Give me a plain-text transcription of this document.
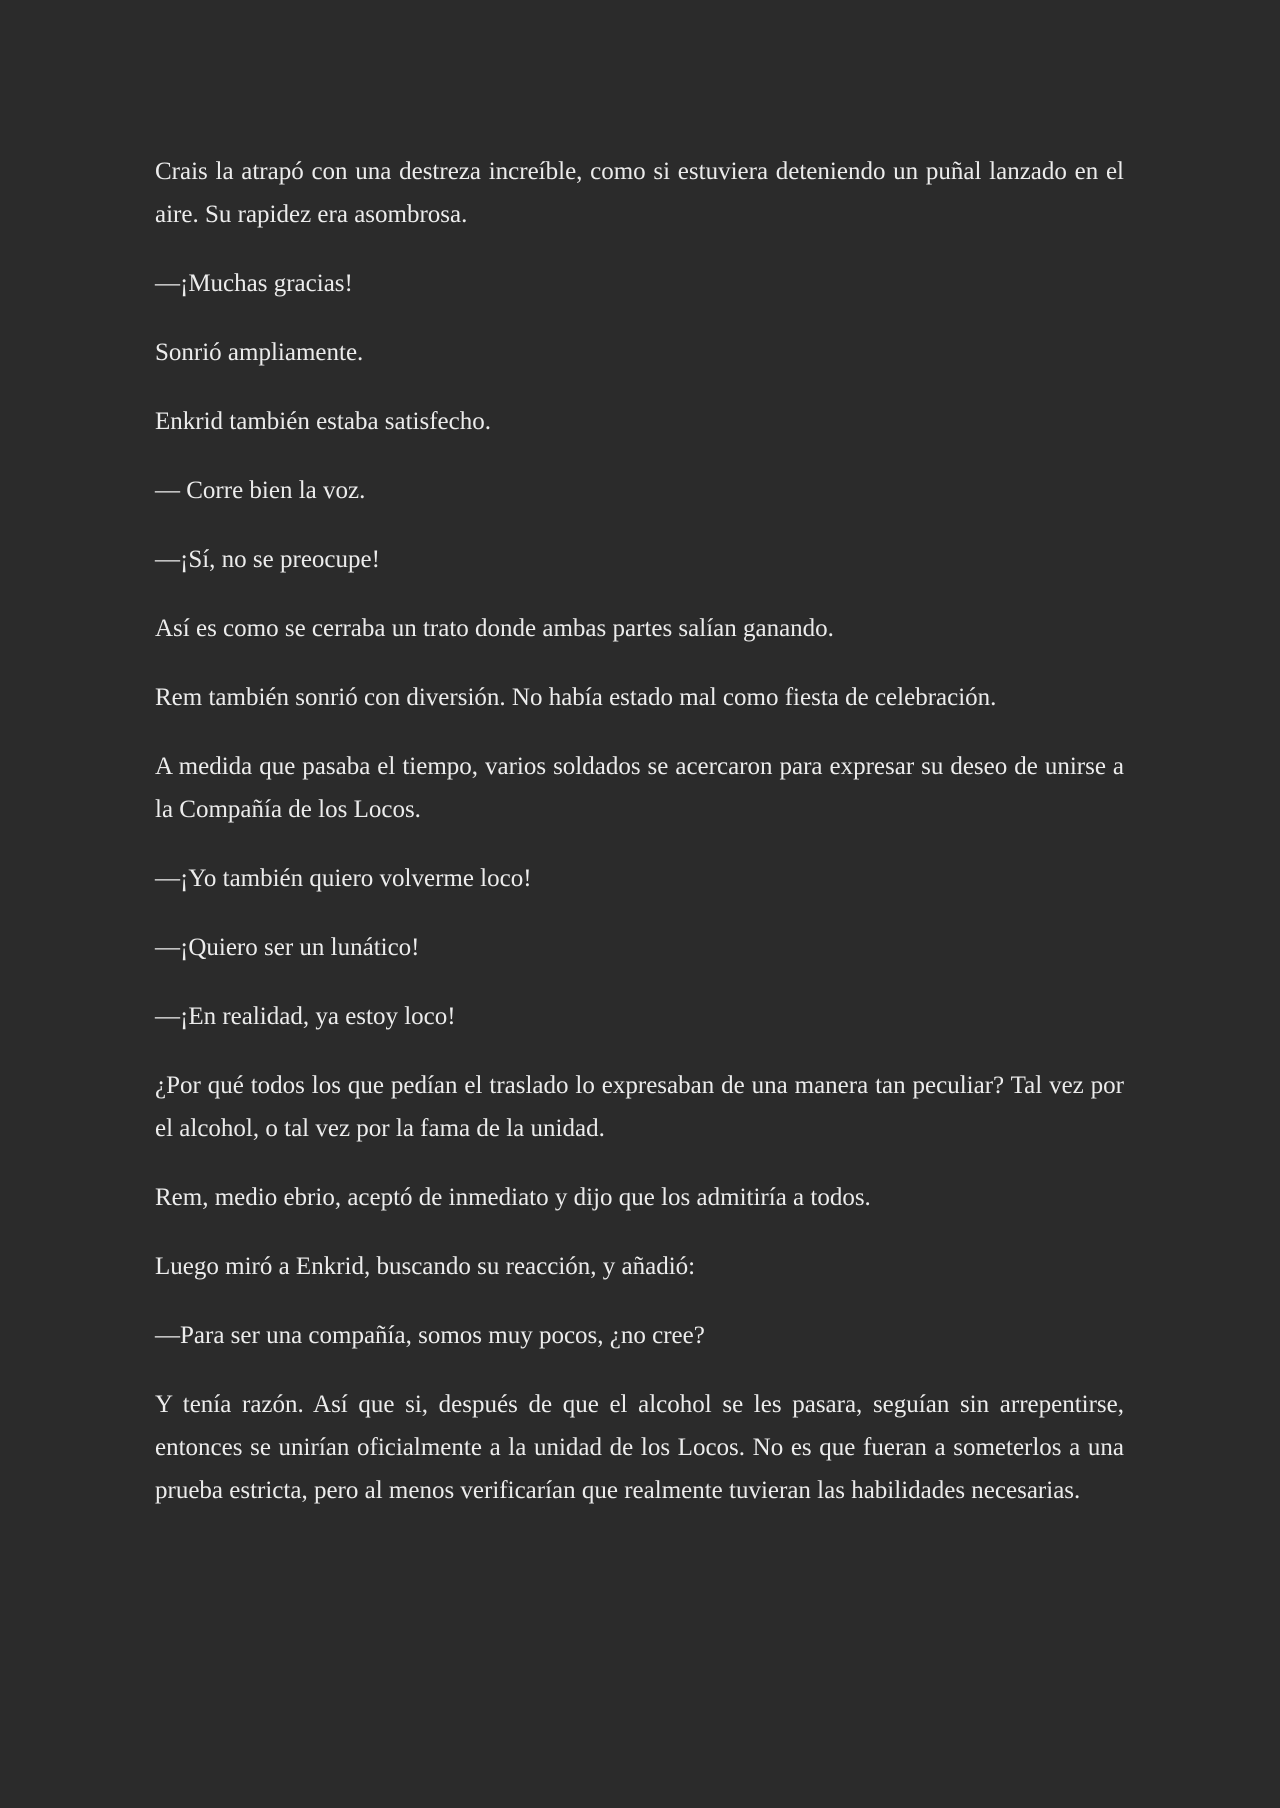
Crais la atrapó con una destreza increíble, como si estuviera deteniendo un puñal lanzado en el aire. Su rapidez era asombrosa.

—¡Muchas gracias!

Sonrió ampliamente.

Enkrid también estaba satisfecho.

— Corre bien la voz.

—¡Sí, no se preocupe!

Así es como se cerraba un trato donde ambas partes salían ganando.

Rem también sonrió con diversión. No había estado mal como fiesta de celebración.

A medida que pasaba el tiempo, varios soldados se acercaron para expresar su deseo de unirse a la Compañía de los Locos.

—¡Yo también quiero volverme loco!

—¡Quiero ser un lunático!

—¡En realidad, ya estoy loco!

¿Por qué todos los que pedían el traslado lo expresaban de una manera tan peculiar? Tal vez por el alcohol, o tal vez por la fama de la unidad.

Rem, medio ebrio, aceptó de inmediato y dijo que los admitiría a todos.

Luego miró a Enkrid, buscando su reacción, y añadió:

—Para ser una compañía, somos muy pocos, ¿no cree?

Y tenía razón. Así que si, después de que el alcohol se les pasara, seguían sin arrepentirse, entonces se unirían oficialmente a la unidad de los Locos. No es que fueran a someterlos a una prueba estricta, pero al menos verificarían que realmente tuvieran las habilidades necesarias.
